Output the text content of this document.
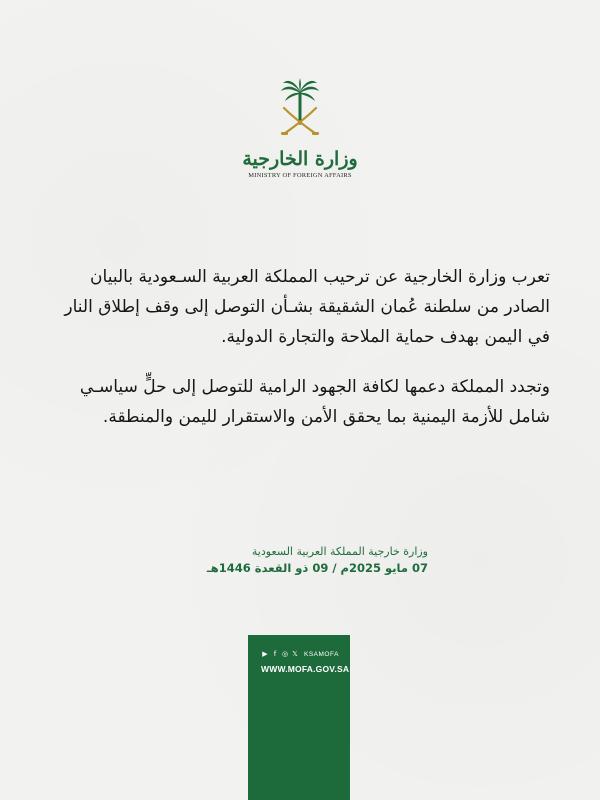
وزارة الخارجية
MINISTRY OF FOREIGN AFFAIRS

تعرب وزارة الخارجية عن ترحيب المملكة العربية السـعودية بالبيان الصادر من سلطنة عُمان الشقيقة بشـأن التوصل إلى وقف إطلاق النار في اليمن بهدف حماية الملاحة والتجارة الدولية.

وتجدد المملكة دعمها لكافة الجهود الرامية للتوصل إلى حلٍّ سياسـي شامل للأزمة اليمنية بما يحقق الأمن والاستقرار لليمن والمنطقة.

وزارة خارجية المملكة العربية السعودية
07 مايو 2025م / 09 ذو القعدة 1446هـ
▶ f ◎ 𝕏 KSAMOFA
WWW.MOFA.GOV.SA
